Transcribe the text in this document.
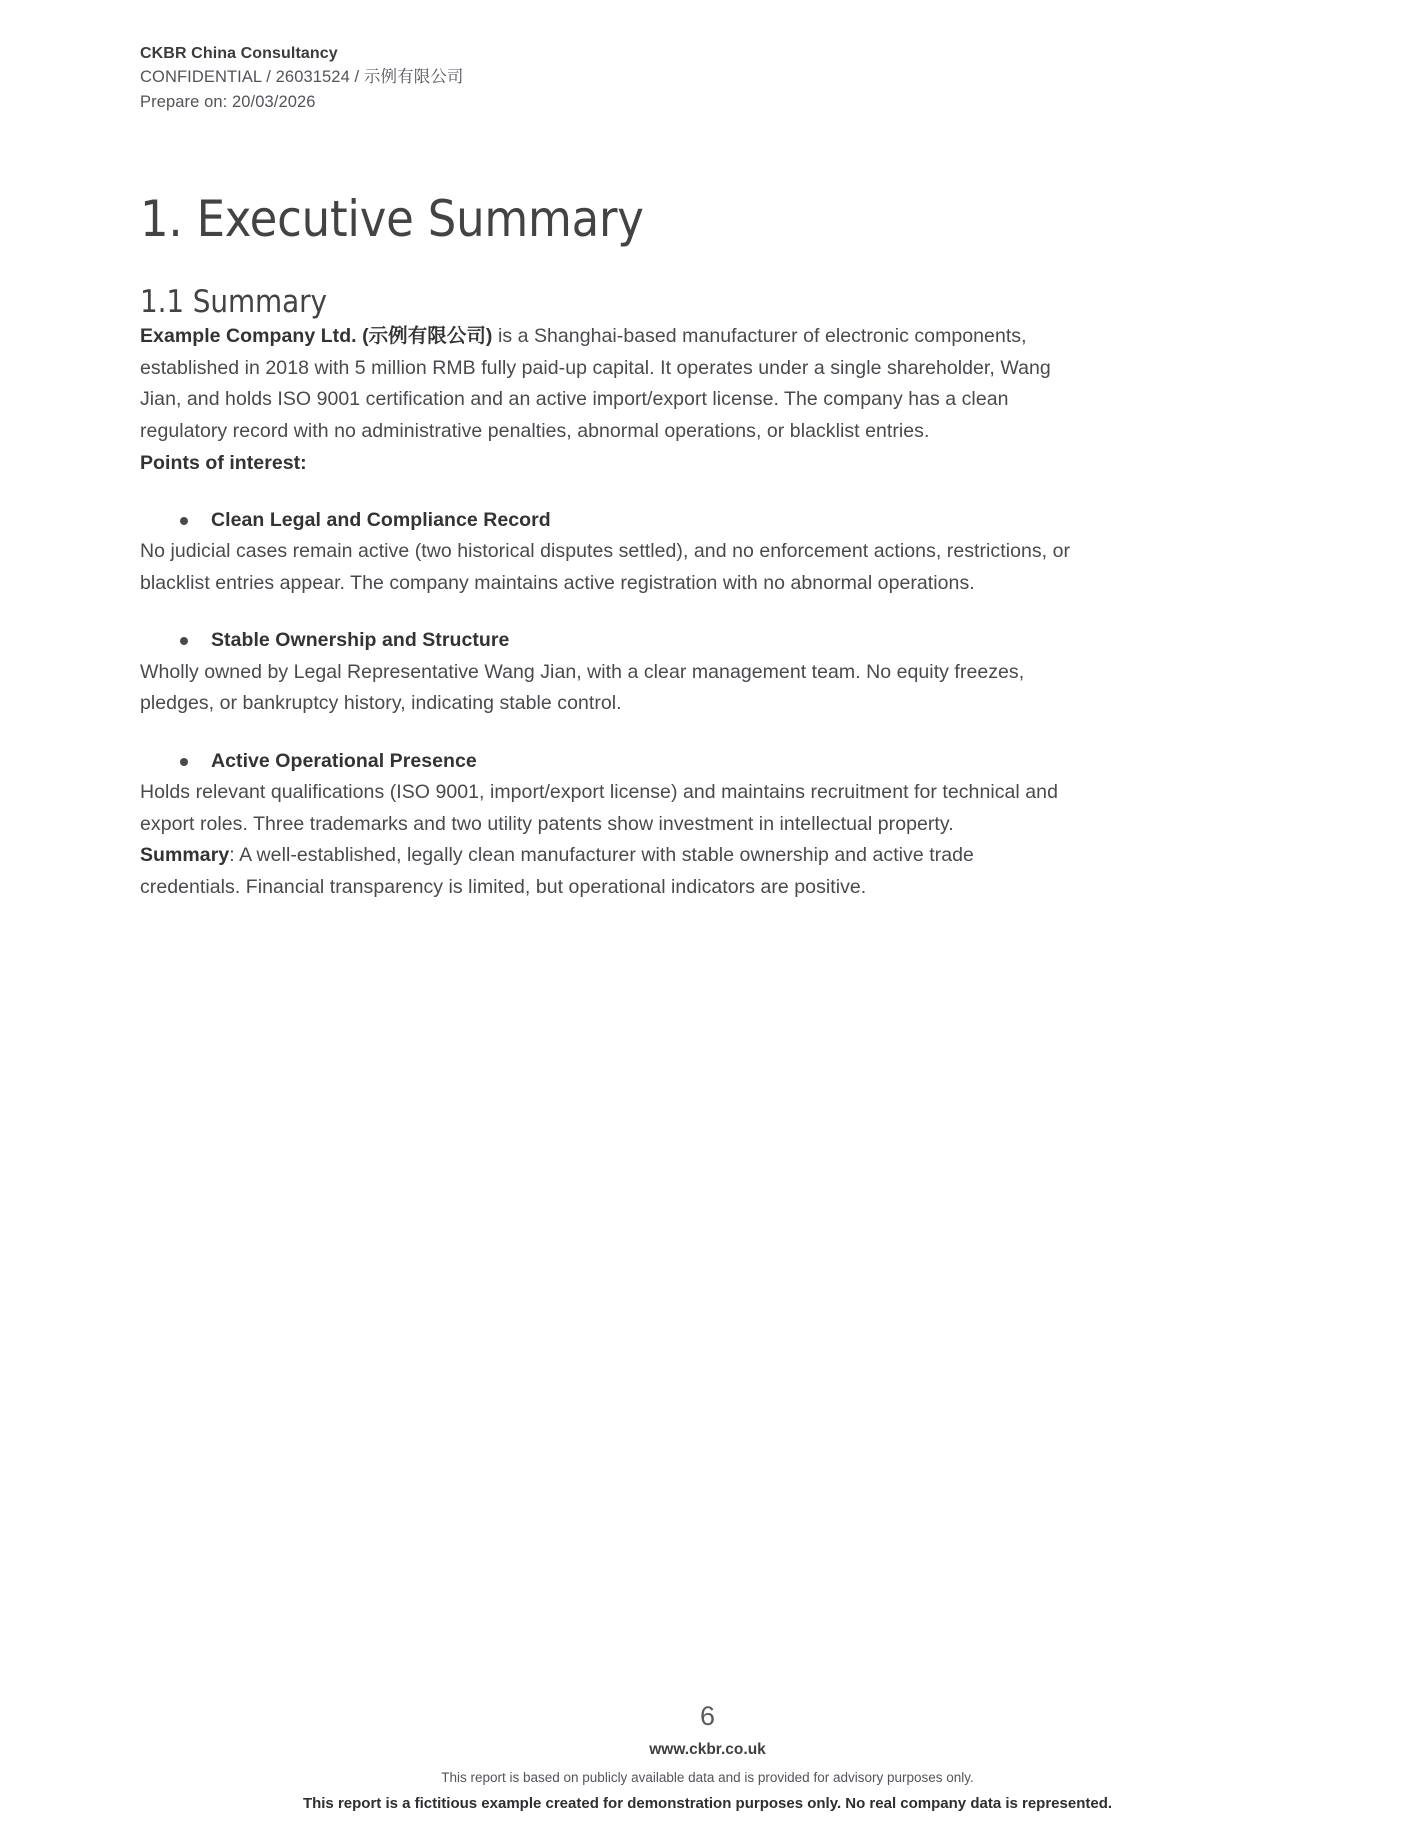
CKBR China Consultancy
CONFIDENTIAL / 26031524 / 示例有限公司
Prepare on: 20/03/2026
1. Executive Summary
1.1 Summary

Example Company Ltd. (示例有限公司) is a Shanghai-based manufacturer of electronic components, established in 2018 with 5 million RMB fully paid-up capital. It operates under a single shareholder, Wang Jian, and holds ISO 9001 certification and an active import/export license. The company has a clean regulatory record with no administrative penalties, abnormal operations, or blacklist entries.

Points of interest:

Clean Legal and Compliance Record

No judicial cases remain active (two historical disputes settled), and no enforcement actions, restrictions, or blacklist entries appear. The company maintains active registration with no abnormal operations.

Stable Ownership and Structure

Wholly owned by Legal Representative Wang Jian, with a clear management team. No equity freezes, pledges, or bankruptcy history, indicating stable control.

Active Operational Presence

Holds relevant qualifications (ISO 9001, import/export license) and maintains recruitment for technical and export roles. Three trademarks and two utility patents show investment in intellectual property.

Summary: A well-established, legally clean manufacturer with stable ownership and active trade credentials. Financial transparency is limited, but operational indicators are positive.

6
www.ckbr.co.uk
This report is based on publicly available data and is provided for advisory purposes only.
This report is a fictitious example created for demonstration purposes only. No real company data is represented.
